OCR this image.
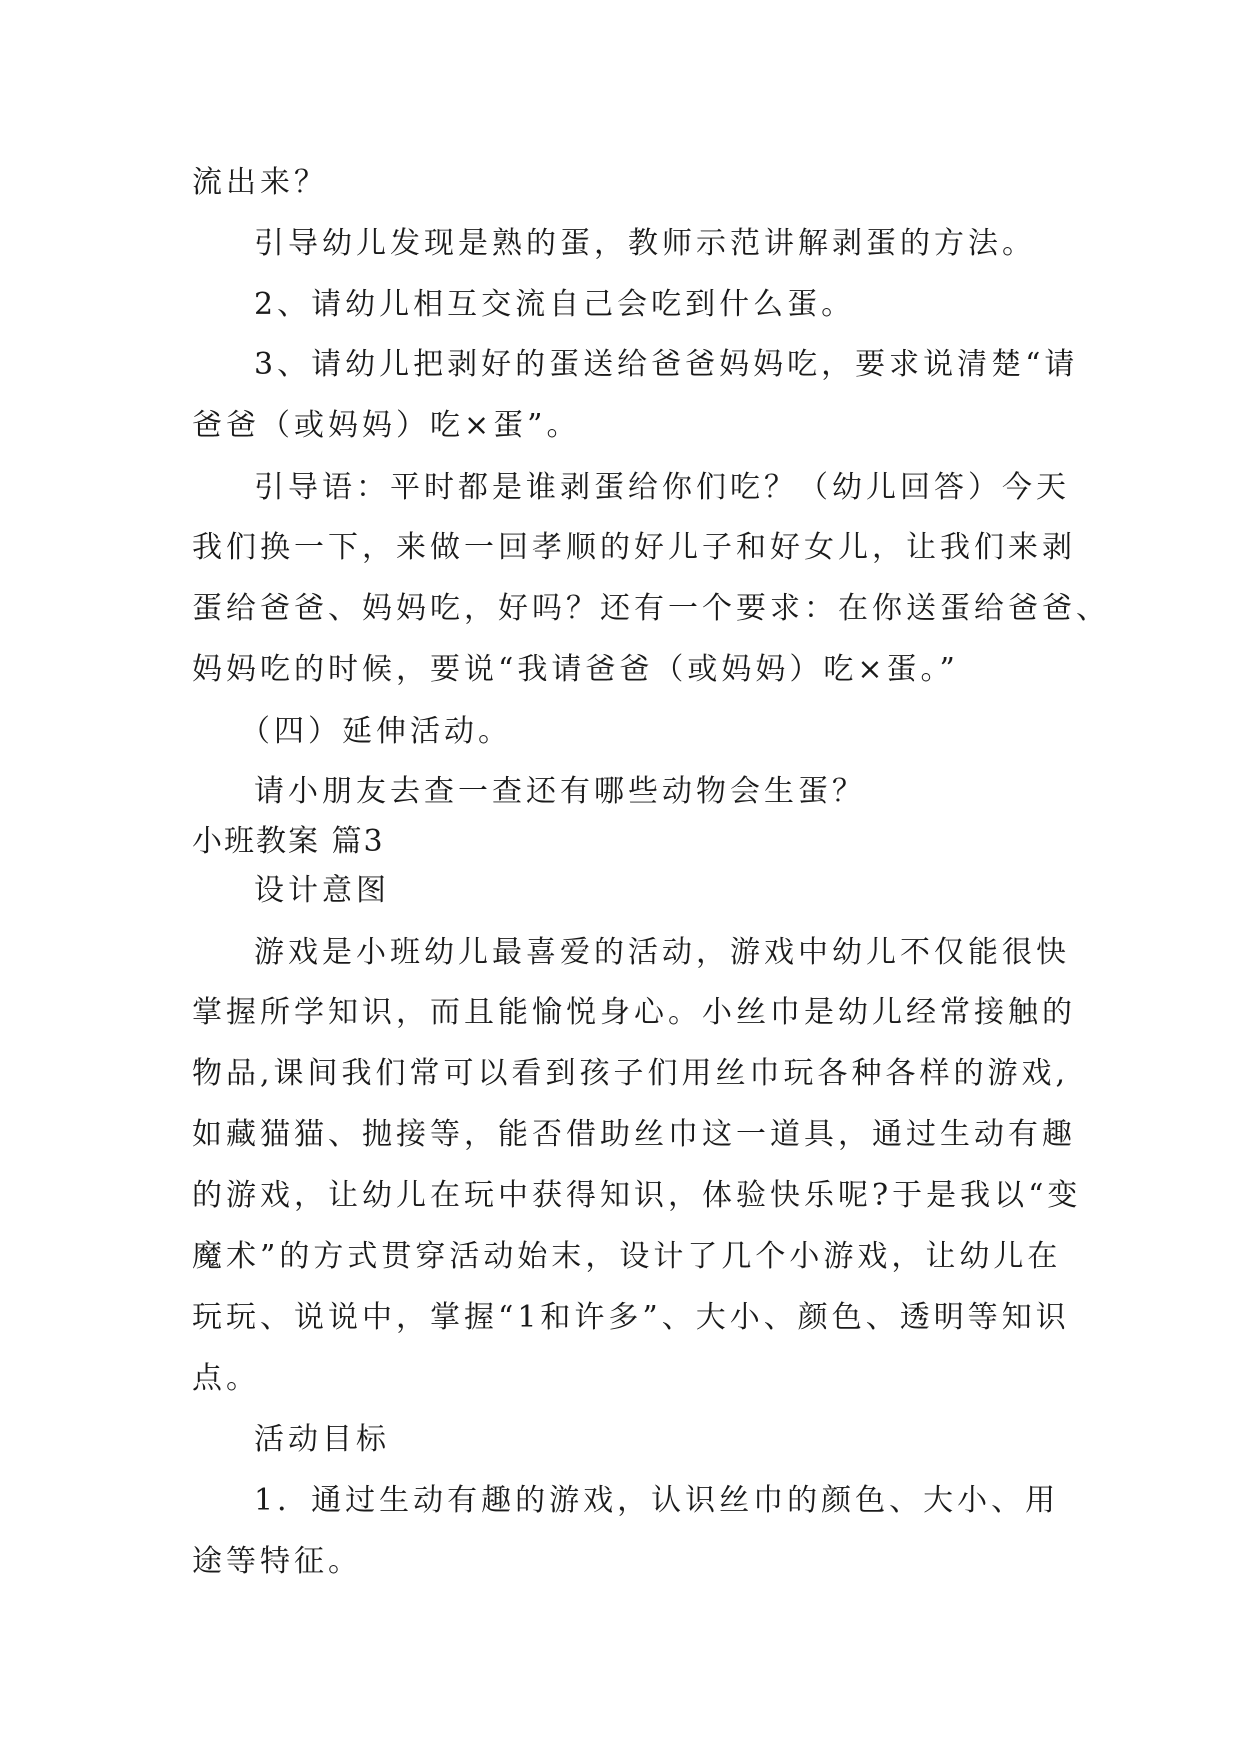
流出来？
引导幼儿发现是熟的蛋，教师示范讲解剥蛋的方法。
2、请幼儿相互交流自己会吃到什么蛋。
3、请幼儿把剥好的蛋送给爸爸妈妈吃，要求说清楚“请
爸爸（或妈妈）吃×蛋”。
引导语：平时都是谁剥蛋给你们吃？（幼儿回答）今天
我们换一下，来做一回孝顺的好儿子和好女儿，让我们来剥
蛋给爸爸、妈妈吃，好吗？还有一个要求：在你送蛋给爸爸、
妈妈吃的时候，要说“我请爸爸（或妈妈）吃×蛋。”
（四）延伸活动。
请小朋友去查一查还有哪些动物会生蛋？
小班教案 篇3
设计意图
游戏是小班幼儿最喜爱的活动，游戏中幼儿不仅能很快
掌握所学知识，而且能愉悦身心。小丝巾是幼儿经常接触的
物品,课间我们常可以看到孩子们用丝巾玩各种各样的游戏,
如藏猫猫、抛接等，能否借助丝巾这一道具，通过生动有趣
的游戏，让幼儿在玩中获得知识，体验快乐呢?于是我以“变
魔术”的方式贯穿活动始末，设计了几个小游戏，让幼儿在
玩玩、说说中，掌握“1和许多”、大小、颜色、透明等知识
点。
活动目标
1．通过生动有趣的游戏，认识丝巾的颜色、大小、用
途等特征。
